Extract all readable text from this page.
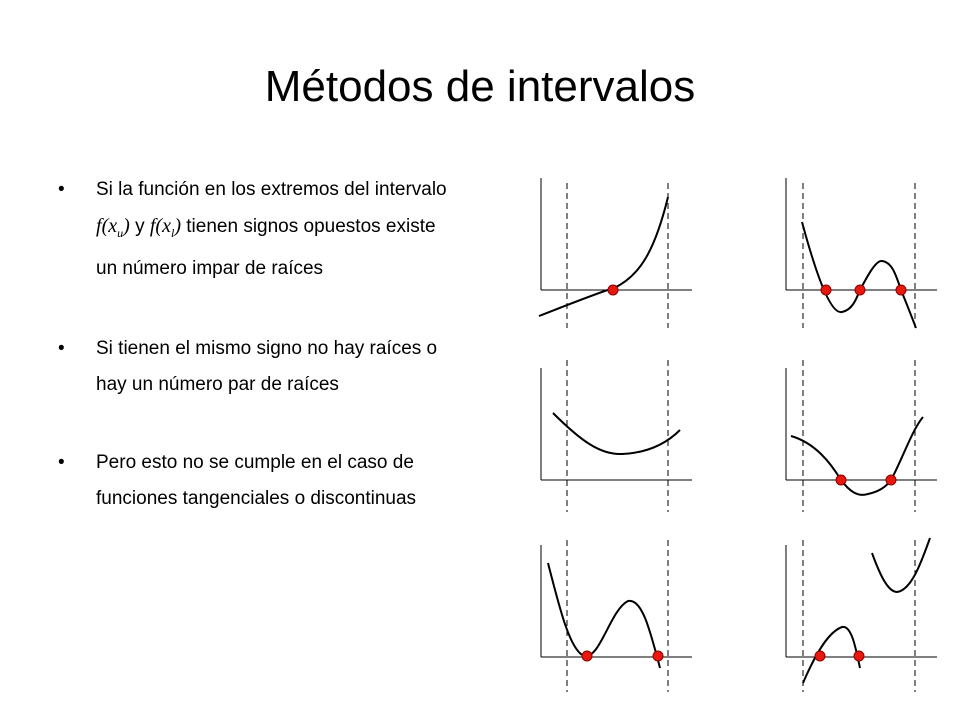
Métodos de intervalos
• Si la función en los extremos del intervalo $f(x_u)$ y $f(x_l)$ tienen signos opuestos existe un número impar de raíces
• Si tienen el mismo signo no hay raíces o hay un número par de raíces
• Pero esto no se cumple en el caso de funciones tangenciales o discontinuas
